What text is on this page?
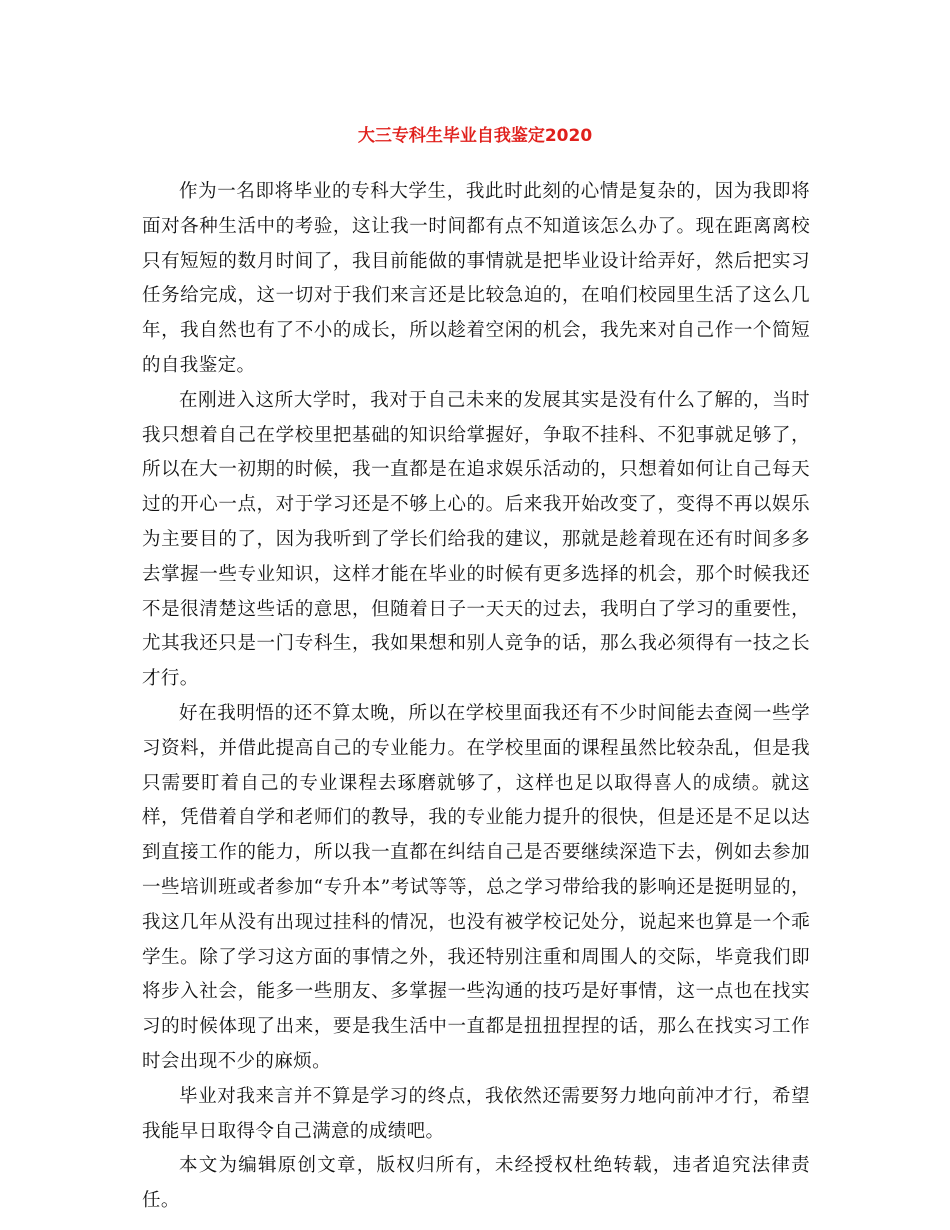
大三专科生毕业自我鉴定2020

作为一名即将毕业的专科大学生，我此时此刻的心情是复杂的，因为我即将面对各种生活中的考验，这让我一时间都有点不知道该怎么办了。现在距离离校只有短短的数月时间了，我目前能做的事情就是把毕业设计给弄好，然后把实习任务给完成，这一切对于我们来言还是比较急迫的，在咱们校园里生活了这么几年，我自然也有了不小的成长，所以趁着空闲的机会，我先来对自己作一个简短的自我鉴定。

在刚进入这所大学时，我对于自己未来的发展其实是没有什么了解的，当时我只想着自己在学校里把基础的知识给掌握好，争取不挂科、不犯事就足够了，所以在大一初期的时候，我一直都是在追求娱乐活动的，只想着如何让自己每天过的开心一点，对于学习还是不够上心的。后来我开始改变了，变得不再以娱乐为主要目的了，因为我听到了学长们给我的建议，那就是趁着现在还有时间多多去掌握一些专业知识，这样才能在毕业的时候有更多选择的机会，那个时候我还不是很清楚这些话的意思，但随着日子一天天的过去，我明白了学习的重要性，尤其我还只是一门专科生，我如果想和别人竞争的话，那么我必须得有一技之长才行。

好在我明悟的还不算太晚，所以在学校里面我还有不少时间能去查阅一些学习资料，并借此提高自己的专业能力。在学校里面的课程虽然比较杂乱，但是我只需要盯着自己的专业课程去琢磨就够了，这样也足以取得喜人的成绩。就这样，凭借着自学和老师们的教导，我的专业能力提升的很快，但是还是不足以达到直接工作的能力，所以我一直都在纠结自己是否要继续深造下去，例如去参加一些培训班或者参加“专升本”考试等等，总之学习带给我的影响还是挺明显的，我这几年从没有出现过挂科的情况，也没有被学校记处分，说起来也算是一个乖学生。除了学习这方面的事情之外，我还特别注重和周围人的交际，毕竟我们即将步入社会，能多一些朋友、多掌握一些沟通的技巧是好事情，这一点也在找实习的时候体现了出来，要是我生活中一直都是扭扭捏捏的话，那么在找实习工作时会出现不少的麻烦。

毕业对我来言并不算是学习的终点，我依然还需要努力地向前冲才行，希望我能早日取得令自己满意的成绩吧。

本文为编辑原创文章，版权归所有，未经授权杜绝转载，违者追究法律责任。
